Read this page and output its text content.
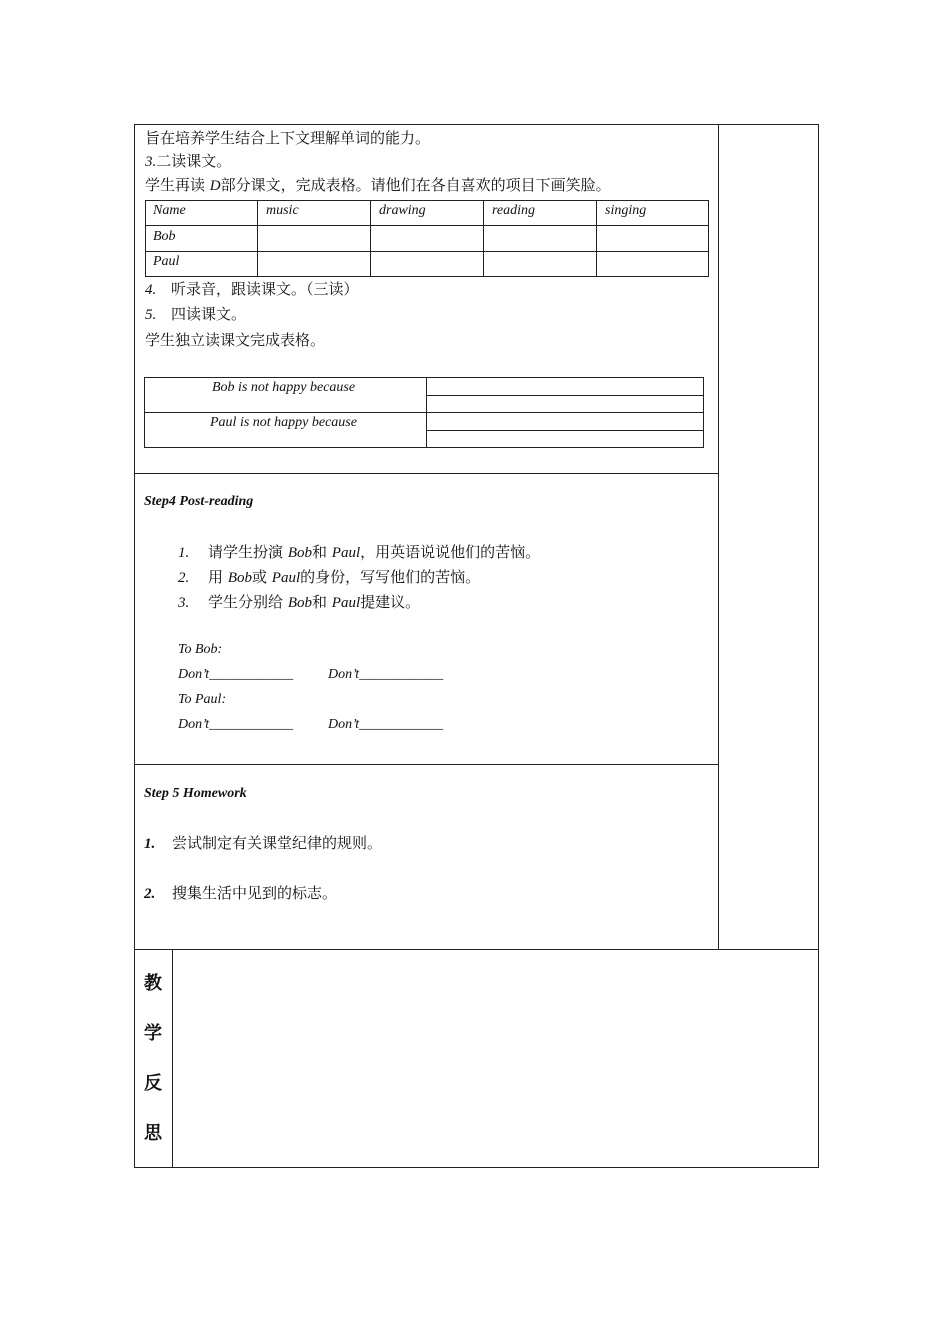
旨在培养学生结合上下文理解单词的能力。
3.二读课文。
学生再读 D部分课文，完成表格。请他们在各自喜欢的项目下画笑脸。
Name	music	drawing	reading	singing
Bob
Paul
4. 听录音，跟读课文。（三读）
5. 四读课文。
学生独立读课文完成表格。
Bob is not happy because
Paul is not happy because
Step4 Post-reading
1. 请学生扮演 Bob和 Paul，用英语说说他们的苦恼。
2. 用 Bob或 Paul的身份，写写他们的苦恼。
3. 学生分别给 Bob和 Paul提建议。
To Bob:
Don’t____________ Don’t____________
To Paul:
Don’t____________ Don’t____________
Step 5 Homework
1. 尝试制定有关课堂纪律的规则。
2. 搜集生活中见到的标志。
教
学
反
思
